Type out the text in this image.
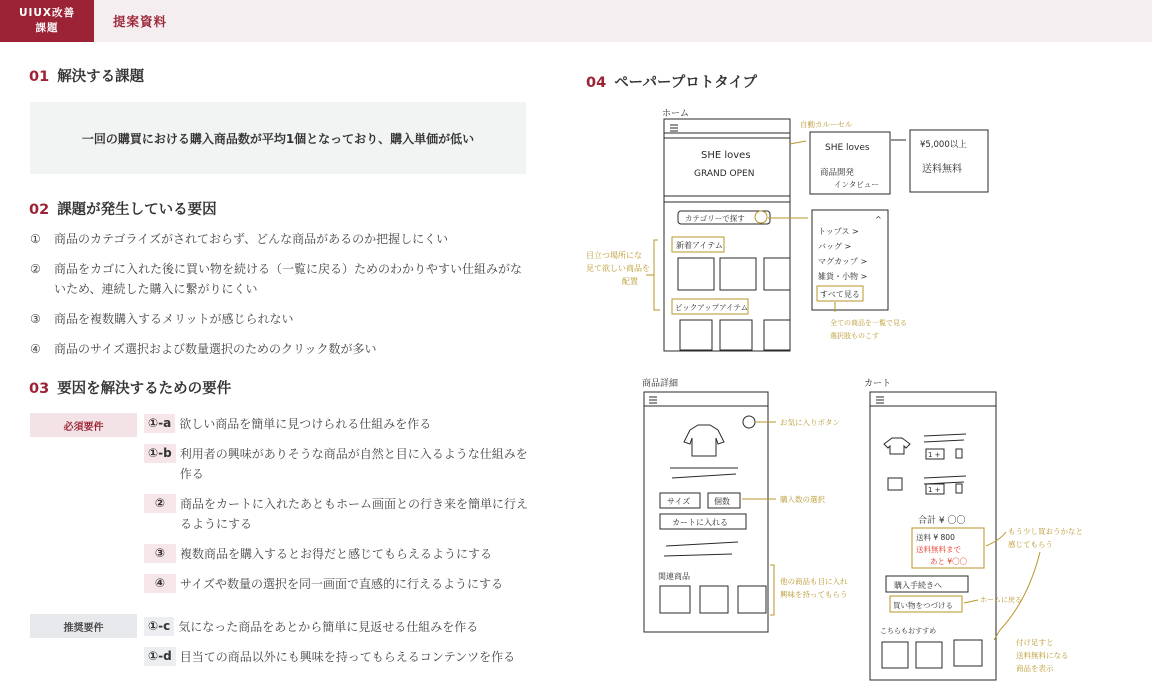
UIUX改善
課題	提案資料
01 解決する課題
一回の購買における購入商品数が平均1個となっており、購入単価が低い
02 課題が発生している要因
①	商品のカテゴライズがされておらず、どんな商品があるのか把握しにくい
②	商品をカゴに入れた後に買い物を続ける（一覧に戻る）ためのわかりやすい仕組みがないため、連続した購入に繋がりにくい
③	商品を複数購入するメリットが感じられない
④	商品のサイズ選択および数量選択のためのクリック数が多い
03 要因を解決するための要件
必須要件	①-a 欲しい商品を簡単に見つけられる仕組みを作る
①-b 利用者の興味がありそうな商品が自然と目に入るような仕組みを作る
②	商品をカートに入れたあともホーム画面との行き来を簡単に行えるようにする
③	複数商品を購入するとお得だと感じてもらえるようにする
④	サイズや数量の選択を同一画面で直感的に行えるようにする
推奨要件	①-c 気になった商品をあとから簡単に見返せる仕組みを作る
①-d 目当ての商品以外にも興味を持ってもらえるコンテンツを作る
04 ペーパープロトタイプ
ホーム
SHE loves
GRAND OPEN
カテゴリーで探す
新着アイテム
ピックアップアイテム
目立つ場所にな
見て欲しい商品を
配置
自動カルーセル
SHE loves
商品開発
インタビュー
¥5,000以上
送料無料
^
トップス >
バッグ >
マグカップ >
雑貨・小物 >
すべて見る
全ての商品を一覧で見る
選択肢ものこす
商品詳細
サイズ	個数
カートに入れる
関連商品
お気に入りボタン
購入数の選択
他の商品も目に入れ
興味を持ってもらう
カート
1 +
1 +
合計 ¥ 〇〇
送料 ¥ 800
送料無料まで
あと ¥〇〇
購入手続きへ
買い物をつづける
こちらもおすすめ
もう少し買おうかなと
感じてもらう
ホームに戻る
付け足すと
送料無料になる
商品を表示
